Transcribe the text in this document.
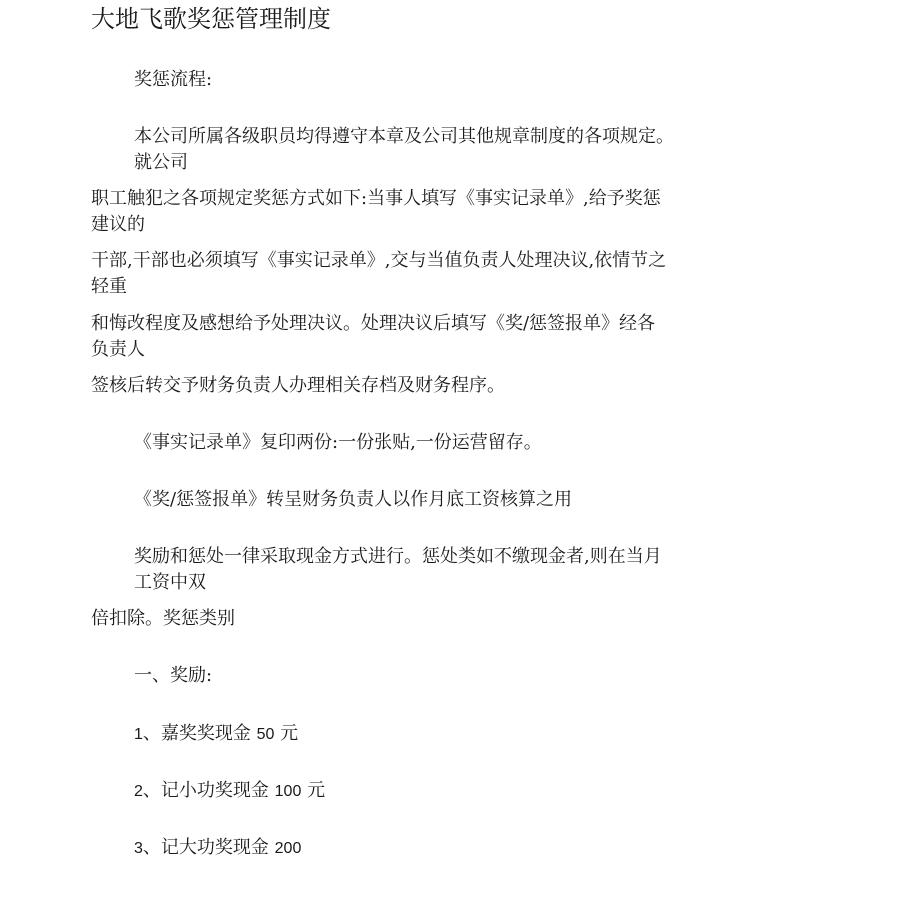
大地飞歌奖惩管理制度
奖惩流程:
本公司所属各级职员均得遵守本章及公司其他规章制度的各项规定。
就公司
职工触犯之各项规定奖惩方式如下:当事人填写《事实记录单》,给予奖惩
建议的
干部,干部也必须填写《事实记录单》,交与当值负责人处理决议,依情节之
轻重
和悔改程度及感想给予处理决议。处理决议后填写《奖/惩签报单》经各
负责人
签核后转交予财务负责人办理相关存档及财务程序。
《事实记录单》复印两份:一份张贴,一份运营留存。
《奖/惩签报单》转呈财务负责人以作月底工资核算之用
奖励和惩处一律采取现金方式进行。惩处类如不缴现金者,则在当月
工资中双
倍扣除。奖惩类别
一、奖励:
1、嘉奖奖现金 50 元
2、记小功奖现金 100 元
3、记大功奖现金 200
